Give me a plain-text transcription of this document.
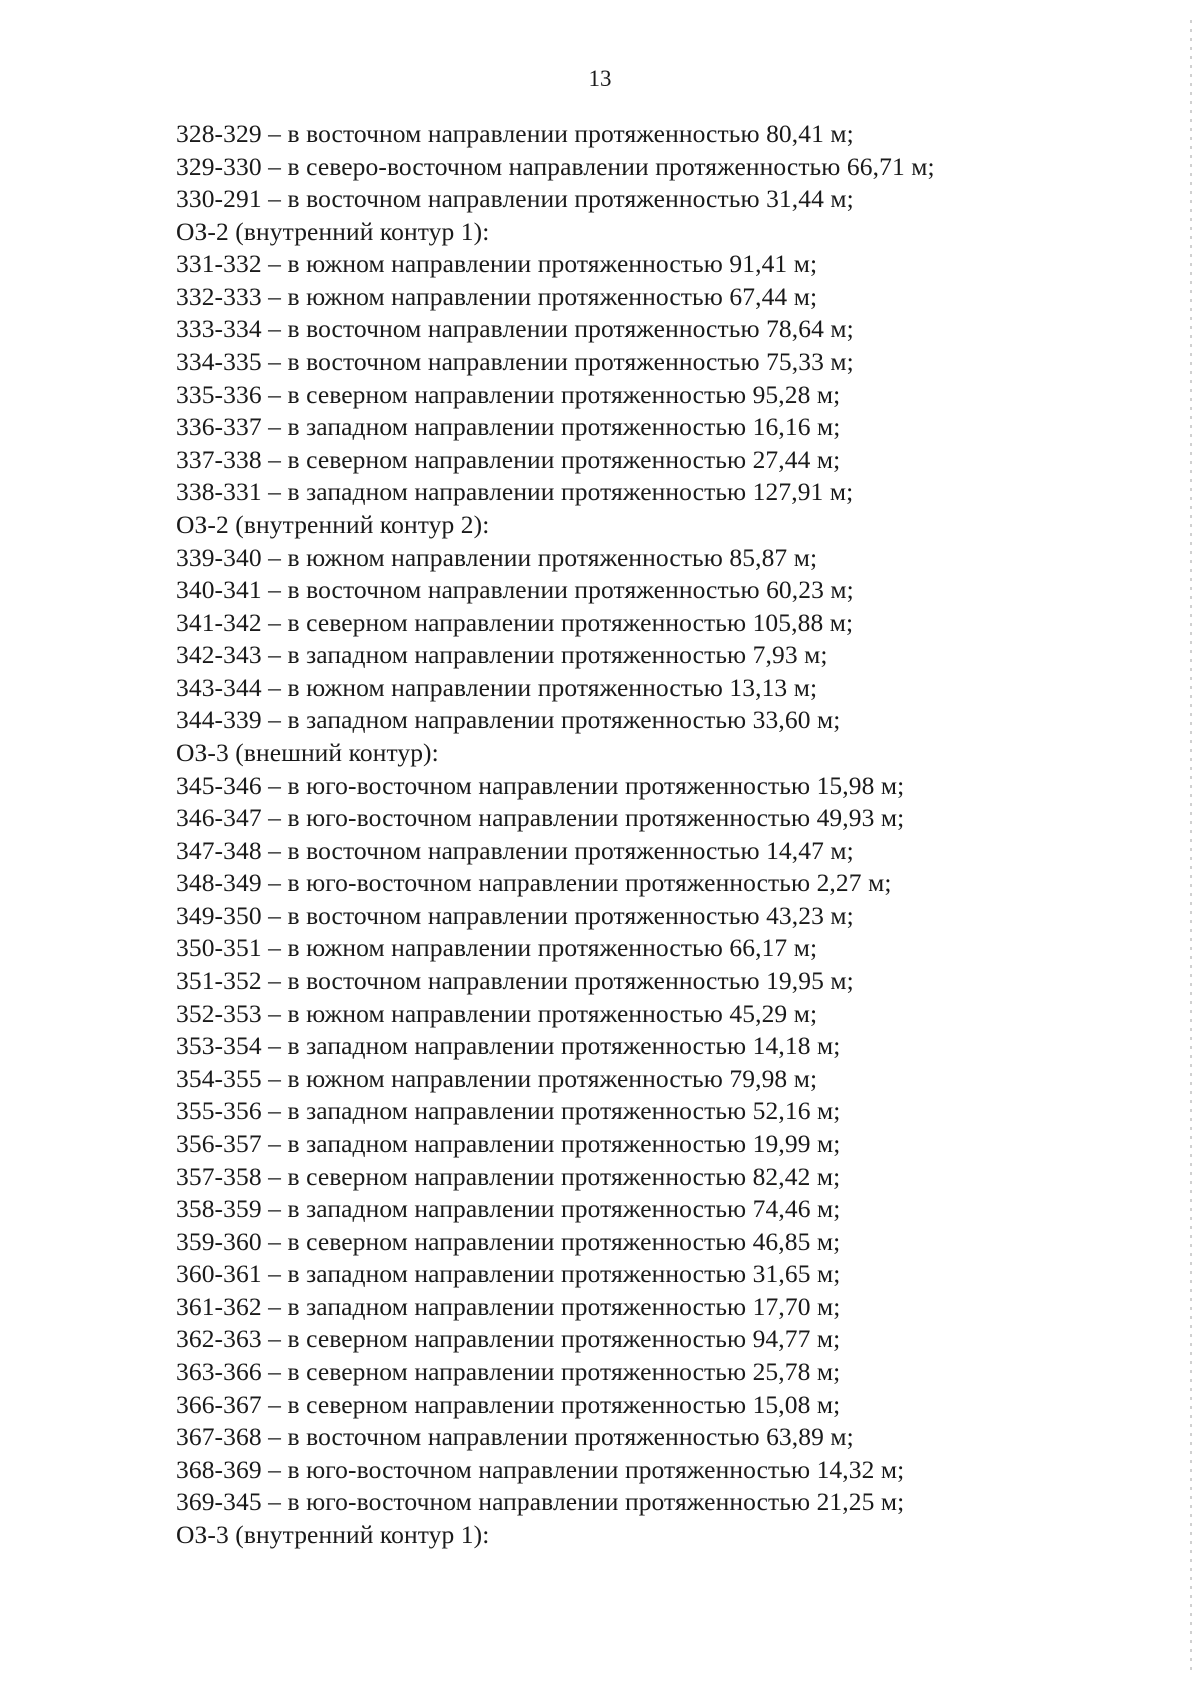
13
328-329 – в восточном направлении протяженностью 80,41 м;
329-330 – в северо-восточном направлении протяженностью 66,71 м;
330-291 – в восточном направлении протяженностью 31,44 м;
ОЗ-2 (внутренний контур 1):
331-332 – в южном направлении протяженностью 91,41 м;
332-333 – в южном направлении протяженностью 67,44 м;
333-334 – в восточном направлении протяженностью 78,64 м;
334-335 – в восточном направлении протяженностью 75,33 м;
335-336 – в северном направлении протяженностью 95,28 м;
336-337 – в западном направлении протяженностью 16,16 м;
337-338 – в северном направлении протяженностью 27,44 м;
338-331 – в западном направлении протяженностью 127,91 м;
ОЗ-2 (внутренний контур 2):
339-340 – в южном направлении протяженностью 85,87 м;
340-341 – в восточном направлении протяженностью 60,23 м;
341-342 – в северном направлении протяженностью 105,88 м;
342-343 – в западном направлении протяженностью 7,93 м;
343-344 – в южном направлении протяженностью 13,13 м;
344-339 – в западном направлении протяженностью 33,60 м;
ОЗ-3 (внешний контур):
345-346 – в юго-восточном направлении протяженностью 15,98 м;
346-347 – в юго-восточном направлении протяженностью 49,93 м;
347-348 – в восточном направлении протяженностью 14,47 м;
348-349 – в юго-восточном направлении протяженностью 2,27 м;
349-350 – в восточном направлении протяженностью 43,23 м;
350-351 – в южном направлении протяженностью 66,17 м;
351-352 – в восточном направлении протяженностью 19,95 м;
352-353 – в южном направлении протяженностью 45,29 м;
353-354 – в западном направлении протяженностью 14,18 м;
354-355 – в южном направлении протяженностью 79,98 м;
355-356 – в западном направлении протяженностью 52,16 м;
356-357 – в западном направлении протяженностью 19,99 м;
357-358 – в северном направлении протяженностью 82,42 м;
358-359 – в западном направлении протяженностью 74,46 м;
359-360 – в северном направлении протяженностью 46,85 м;
360-361 – в западном направлении протяженностью 31,65 м;
361-362 – в западном направлении протяженностью 17,70 м;
362-363 – в северном направлении протяженностью 94,77 м;
363-366 – в северном направлении протяженностью 25,78 м;
366-367 – в северном направлении протяженностью 15,08 м;
367-368 – в восточном направлении протяженностью 63,89 м;
368-369 – в юго-восточном направлении протяженностью 14,32 м;
369-345 – в юго-восточном направлении протяженностью 21,25 м;
ОЗ-3 (внутренний контур 1):
